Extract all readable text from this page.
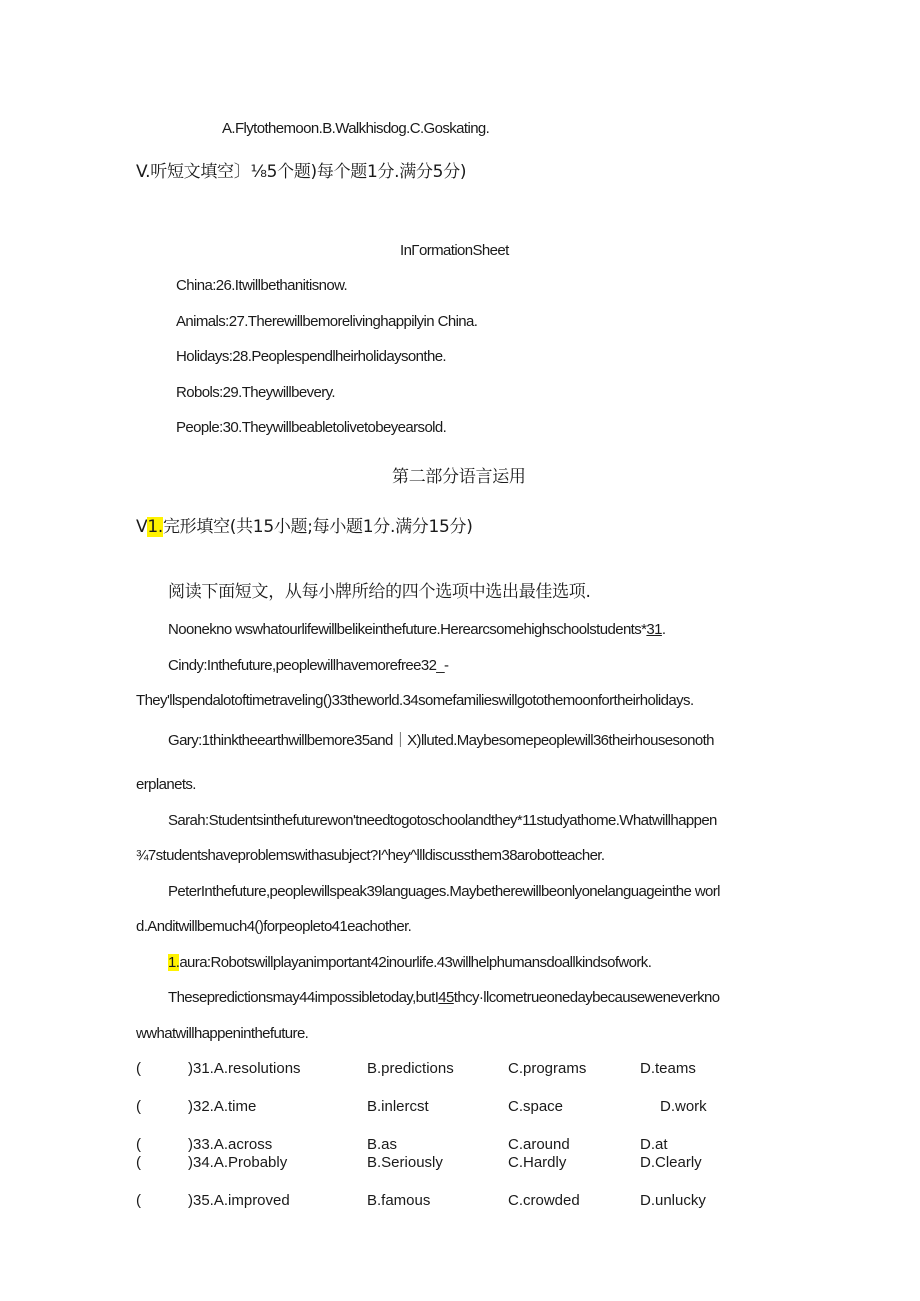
A.Flytothemoon.B.Walkhisdog.C.Goskating.
V.听短文填空〕⅛5个题)每个题1分.满分5分)
InΓormationSheet
China:26.Itwillbethanitisnow.
Animals:27.Therewillbemorelivinghappilyin China.
Holidays:28.Peoplespendlheirholidaysonthe.
Robols:29.Theywillbevery.
People:30.Theywillbeabletolivetobeyearsold.
第二部分语言运用
V1.完形填空(共15小题;每小题1分.满分15分)
阅读下面短文，从每小牌所给的四个选项中选出最佳选项.
Noonekno wswhatourlifewillbelikeinthefuture.Herearcsomehighschoolstudents*31.
Cindy:Inthefuture,peoplewillhavemorefree32_-
They'llspendalotoftimetraveling()33theworld.34somefamilieswillgotothemoonfortheirholidays.
Gary:1thinktheearthwillbemore35and｜X)lluted.Maybesomepeoplewill36theirhousesonoth
erplanets.
Sarah:Studentsinthefuturewon'tneedtogotoschoolandthey*11studyathome.Whatwillhappen
¾7studentshaveproblemswithasubject?I^hey^llldiscussthem38arobotteacher.
PeterInthefuture,peoplewillspeak39languages.Maybetherewillbeonlyonelanguageinthe worl
d.Anditwillbemuch4()forpeopleto41eachother.
1.aura:Robotswillplayanimportant42inourlife.43willhelphumansdoallkindsofwork.
Thesepredictionsmay44impossibletoday,butI45thcy·llcometrueonedaybecauseweneverkno
wwhatwillhappeninthefuture.
(	)31.A.resolutions	B.predictions	C.programs	D.teams
(	)32.A.time	B.inlercst	C.space	D.work
(	)33.A.across	B.as	C.around	D.at
(	)34.A.Probably	B.Seriously	C.Hardly	D.Clearly
(	)35.A.improved	B.famous	C.crowded	D.unlucky
